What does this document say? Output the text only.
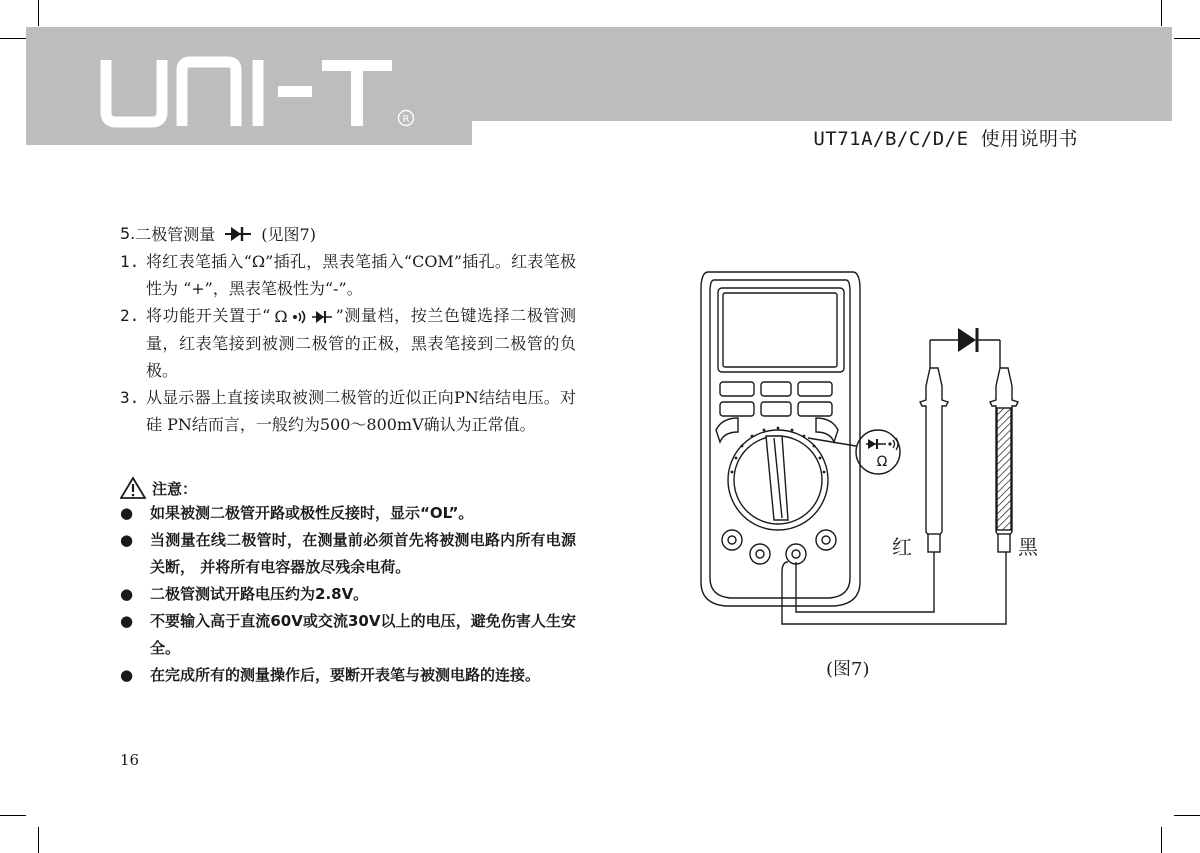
R
UT71A/B/C/D/E 使用说明书
5. 二极管测量	(见图7)
1. 将红表笔插入“Ω”插孔，黑表笔插入“COM”插孔。红表笔极性为 “+”，黑表笔极性为“-”。
2. 将功能开关置于“ Ω	”测量档，按兰色键选择二极管测量，红表笔接到被测二极管的正极，黑表笔接到二极管的负极。
3. 从显示器上直接读取被测二极管的近似正向PN结结电压。对硅 PN结而言，一般约为500～800mV确认为正常值。
注意：
●	如果被测二极管开路或极性反接时，显示“OL”。
●	当测量在线二极管时，在测量前必须首先将被测电路内所有电源关断， 并将所有电容器放尽残余电荷。
●	二极管测试开路电压约为2.8V。
●	不要输入高于直流60V或交流30V以上的电压，避免伤害人生安全。
●	在完成所有的测量操作后，要断开表笔与被测电路的连接。
16
Ω
红	黑
(图7)
